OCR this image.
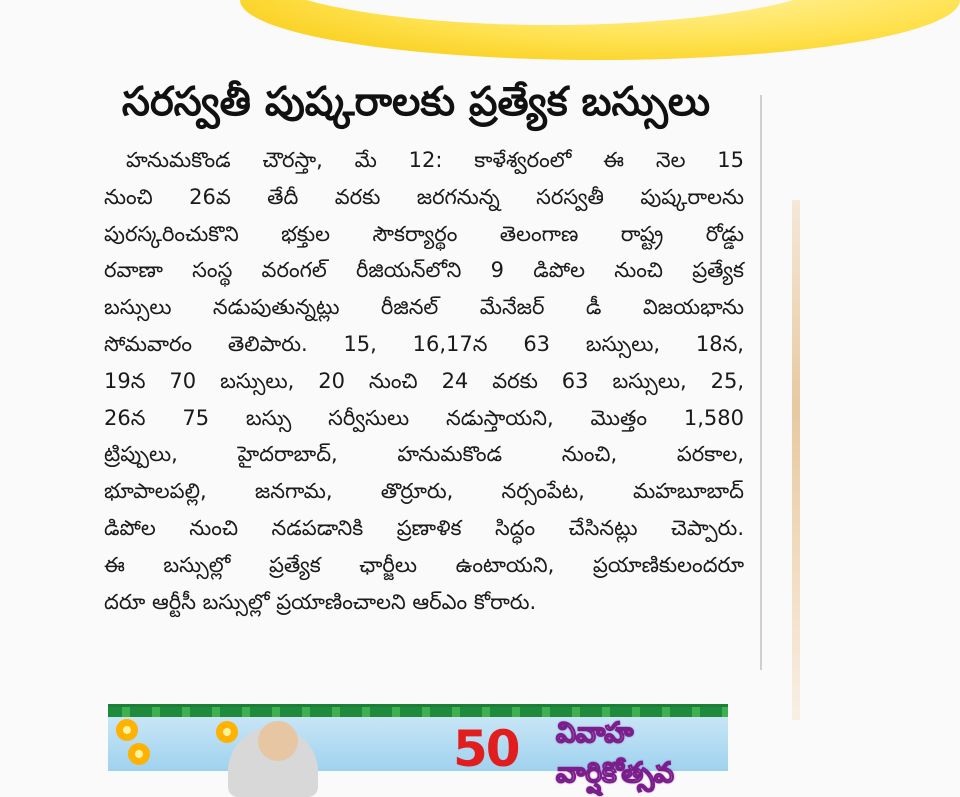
సరస్వతీ పుష్కరాలకు ప్రత్యేక బస్సులు
హనుమకొండ చౌరస్తా, మే 12: కాళేశ్వరంలో ఈ నెల 15
నుంచి 26వ తేదీ వరకు జరగనున్న సరస్వతీ పుష్కరాలను
పురస్కరించుకొని భక్తుల సౌకర్యార్థం తెలంగాణ రాష్ట్ర రోడ్డు
రవాణా సంస్థ వరంగల్ రీజియన్‌లోని 9 డిపోల నుంచి ప్రత్యేక
బస్సులు నడుపుతున్నట్లు రీజినల్ మేనేజర్ డీ విజయభాను
సోమవారం తెలిపారు. 15, 16,17న 63 బస్సులు, 18న,
19న 70 బస్సులు, 20 నుంచి 24 వరకు 63 బస్సులు, 25,
26న 75 బస్సు సర్వీసులు నడుస్తాయని, మొత్తం 1,580
ట్రిప్పులు, హైదరాబాద్, హనుమకొండ నుంచి, పరకాల,
భూపాలపల్లి, జనగామ, తొర్రూరు, నర్సంపేట, మహబూబాద్
డిపోల నుంచి నడపడానికి ప్రణాళిక సిద్ధం చేసినట్లు చెప్పారు.
ఈ బస్సుల్లో ప్రత్యేక ఛార్జీలు ఉంటాయని, ప్రయాణికులందరూ
దరూ ఆర్టీసీ బస్సుల్లో ప్రయాణించాలని ఆర్ఎం కోరారు.
50 వివాహ వార్షికోత్సవ
